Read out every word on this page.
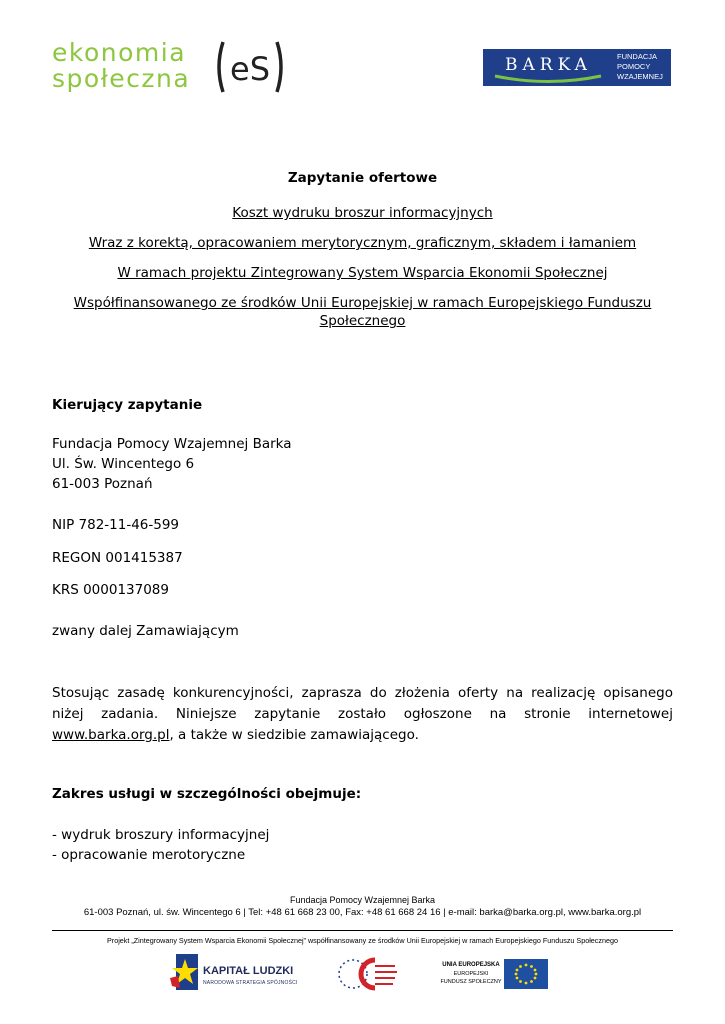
ekonomia
społeczna eS	BARKA	FUNDACJA
POMOCY
WZAJEMNEJ
Zapytanie ofertowe
Koszt wydruku broszur informacyjnych
Wraz z korektą, opracowaniem merytorycznym, graficznym, składem i łamaniem
W ramach projektu Zintegrowany System Wsparcia Ekonomii Społecznej
Współfinansowanego ze środków Unii Europejskiej w ramach Europejskiego Funduszu
Społecznego
Kierujący zapytanie
Fundacja Pomocy Wzajemnej Barka
Ul. Św. Wincentego 6
61-003 Poznań
NIP 782-11-46-599
REGON 001415387
KRS 0000137089
zwany dalej Zamawiającym
Stosując zasadę konkurencyjności, zaprasza do złożenia oferty na realizację opisanego niżej zadania. Niniejsze zapytanie zostało ogłoszone na stronie internetowej www.barka.org.pl, a także w siedzibie zamawiającego.
Zakres usługi w szczególności obejmuje:
- wydruk broszury informacyjnej
- opracowanie merotoryczne
Fundacja Pomocy Wzajemnej Barka
61-003 Poznań, ul. św. Wincentego 6 | Tel: +48 61 668 23 00, Fax: +48 61 668 24 16 | e-mail: barka@barka.org.pl, www.barka.org.pl
Projekt „Zintegrowany System Wsparcia Ekonomii Społecznej” współfinansowany ze środków Unii Europejskiej w ramach Europejskiego Funduszu Społecznego
KAPITAŁ LUDZKI
NARODOWA STRATEGIA SPÓJNOŚCI
UNIA EUROPEJSKA
EUROPEJSKI
FUNDUSZ SPOŁECZNY
